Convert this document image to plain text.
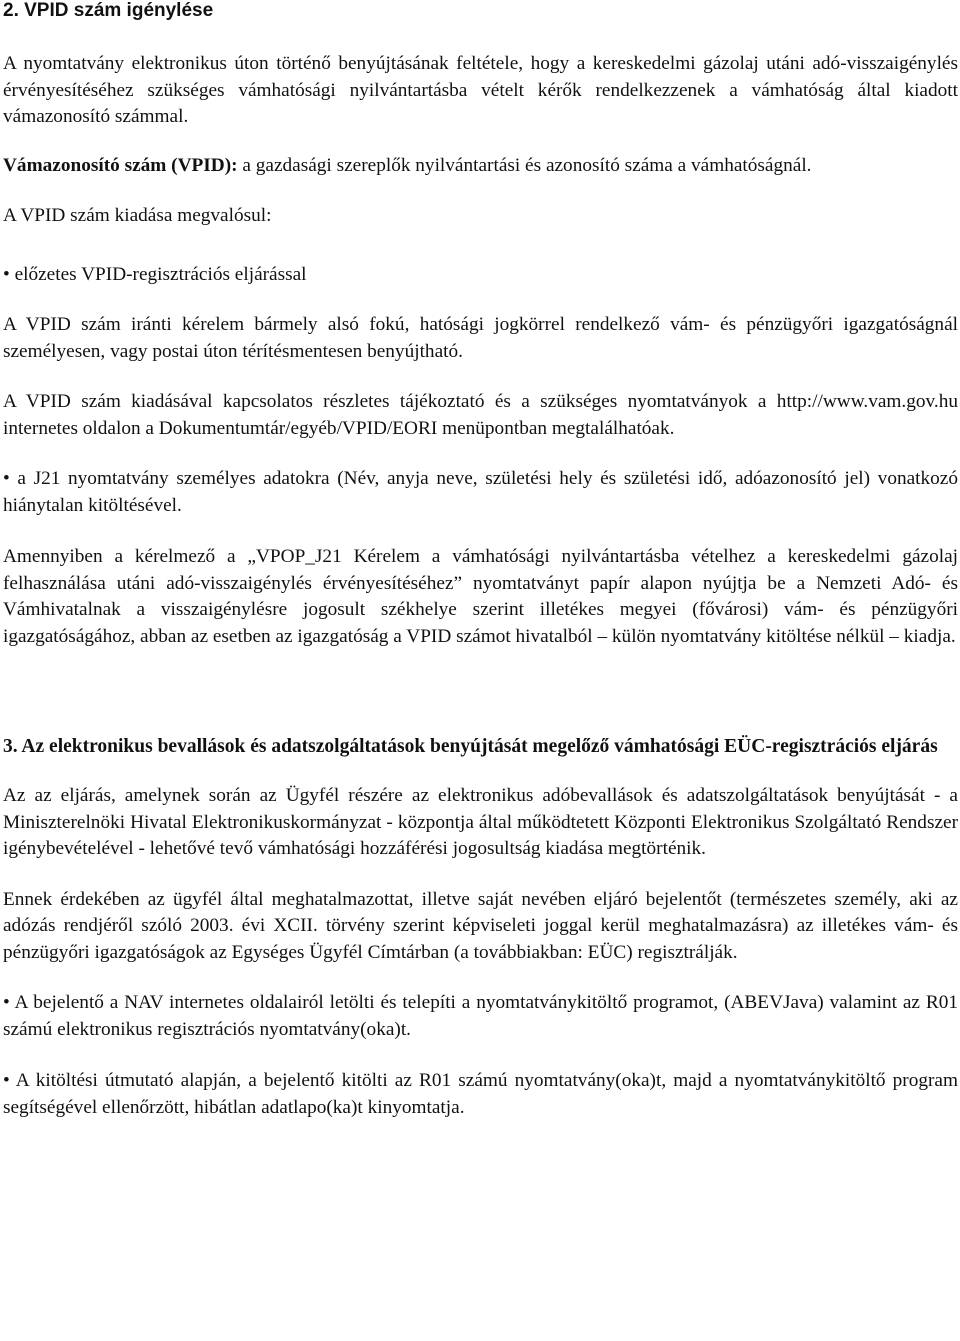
2. VPID szám igénylése

A nyomtatvány elektronikus úton történő benyújtásának feltétele, hogy a kereskedelmi gázolaj utáni adó-visszaigénylés érvényesítéséhez szükséges vámhatósági nyilvántartásba vételt kérők rendelkezzenek a vámhatóság által kiadott vámazonosító számmal.

Vámazonosító szám (VPID): a gazdasági szereplők nyilvántartási és azonosító száma a vámhatóságnál.

A VPID szám kiadása megvalósul:

• előzetes VPID-regisztrációs eljárással

A VPID szám iránti kérelem bármely alsó fokú, hatósági jogkörrel rendelkező vám- és pénzügyőri igazgatóságnál személyesen, vagy postai úton térítésmentesen benyújtható.

A VPID szám kiadásával kapcsolatos részletes tájékoztató és a szükséges nyomtatványok a http://www.vam.gov.hu internetes oldalon a Dokumentumtár/egyéb/VPID/EORI menüpontban megtalálhatóak.

• a J21 nyomtatvány személyes adatokra (Név, anyja neve, születési hely és születési idő, adóazonosító jel) vonatkozó hiánytalan kitöltésével.

Amennyiben a kérelmező a „VPOP_J21 Kérelem a vámhatósági nyilvántartásba vételhez a kereskedelmi gázolaj felhasználása utáni adó-visszaigénylés érvényesítéséhez” nyomtatványt papír alapon nyújtja be a Nemzeti Adó- és Vámhivatalnak a visszaigénylésre jogosult székhelye szerint illetékes megyei (fővárosi) vám- és pénzügyőri igazgatóságához, abban az esetben az igazgatóság a VPID számot hivatalból – külön nyomtatvány kitöltése nélkül – kiadja.

3. Az elektronikus bevallások és adatszolgáltatások benyújtását megelőző vámhatósági EÜC-regisztrációs eljárás

Az az eljárás, amelynek során az Ügyfél részére az elektronikus adóbevallások és adatszolgáltatások benyújtását - a Miniszterelnöki Hivatal Elektronikuskormányzat - központja által működtetett Központi Elektronikus Szolgáltató Rendszer igénybevételével - lehetővé tevő vámhatósági hozzáférési jogosultság kiadása megtörténik.

Ennek érdekében az ügyfél által meghatalmazottat, illetve saját nevében eljáró bejelentőt (természetes személy, aki az adózás rendjéről szóló 2003. évi XCII. törvény szerint képviseleti joggal kerül meghatalmazásra) az illetékes vám- és pénzügyőri igazgatóságok az Egységes Ügyfél Címtárban (a továbbiakban: EÜC) regisztrálják.

• A bejelentő a NAV internetes oldalairól letölti és telepíti a nyomtatványkitöltő programot, (ABEVJava) valamint az R01 számú elektronikus regisztrációs nyomtatvány(oka)t.

• A kitöltési útmutató alapján, a bejelentő kitölti az R01 számú nyomtatvány(oka)t, majd a nyomtatványkitöltő program segítségével ellenőrzött, hibátlan adatlapo(ka)t kinyomtatja.
